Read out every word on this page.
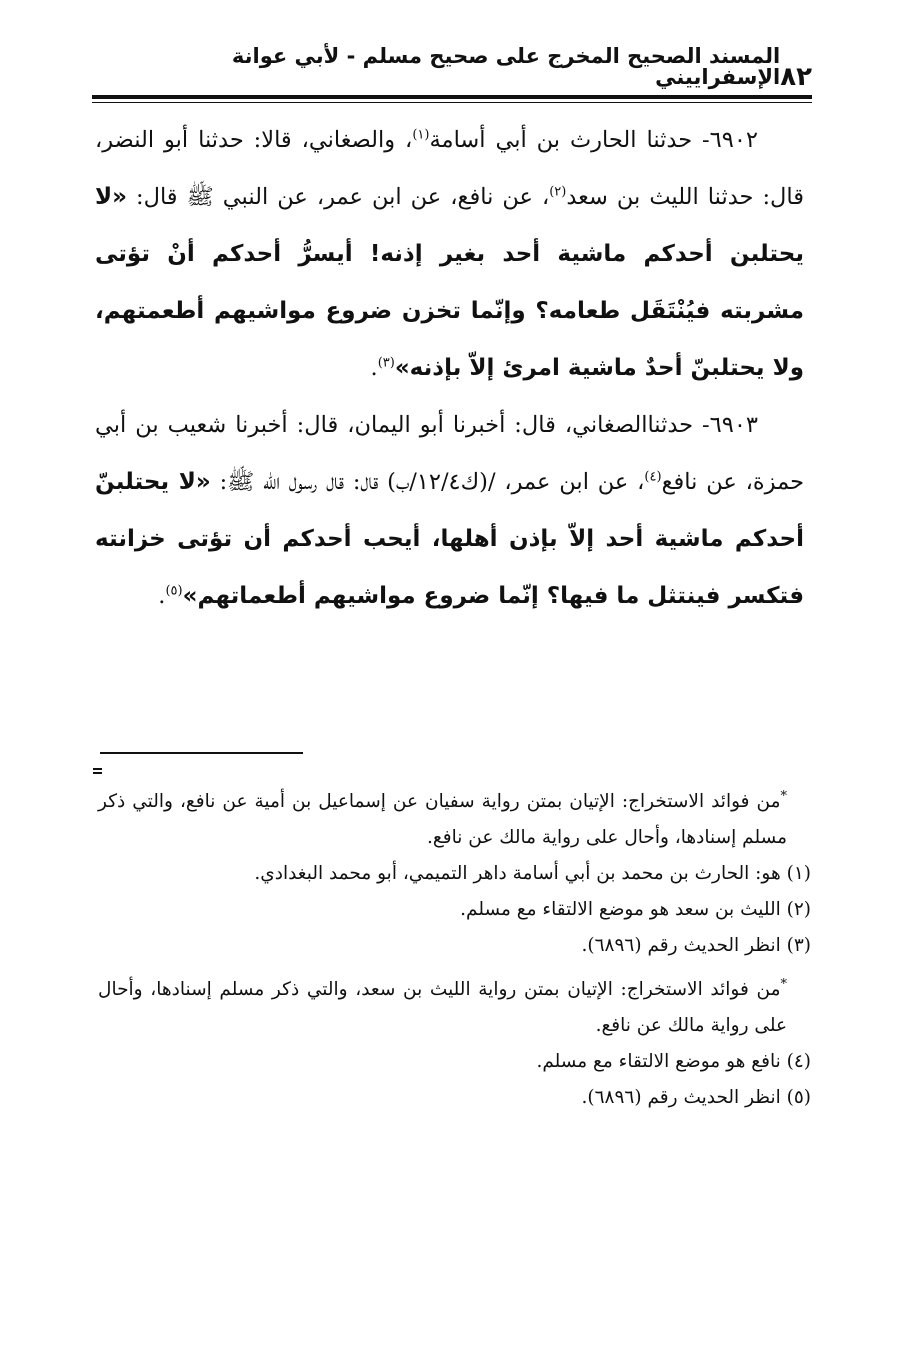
٨٢
المسند الصحيح المخرج على صحيح مسلم - لأبي عوانة الإسفراييني

٦٩٠٢- حدثنا الحارث بن أبي أسامة$^{(١)}$، والصغاني، قالا: حدثنا أبو النضر، قال: حدثنا الليث بن سعد$^{(٢)}$، عن نافع، عن ابن عمر، عن النبي ﷺ قال: «لا يحتلبن أحدكم ماشية أحد بغير إذنه! أيسرُّ أحدكم أنْ تؤتى مشربته فيُنْتَقَل طعامه؟ وإنّما تخزن ضروع مواشيهم أطعمتهم، ولا يحتلبنّ أحدٌ ماشية امرئ إلاّ بإذنه»$^{(٣)}$.

٦٩٠٣- حدثناالصغاني، قال: أخبرنا أبو اليمان، قال: أخبرنا شعيب بن أبي حمزة، عن نافع$^{(٤)}$، عن ابن عمر، /(ك١٢/٤/ب) قال: قال رسول الله ﷺ: «لا يحتلبنّ أحدكم ماشية أحد إلاّ بإذن أهلها، أيحب أحدكم أن تؤتى خزانته فتكسر فينتثل ما فيها؟ إنّما ضروع مواشيهم أطعماتهم»$^{(٥)}$.

*من فوائد الاستخراج: الإتيان بمتن رواية سفيان عن إسماعيل بن أمية عن نافع، والتي ذكر مسلم إسنادها، وأحال على رواية مالك عن نافع.

(١) هو: الحارث بن محمد بن أبي أسامة داهر التميمي، أبو محمد البغدادي.

(٢) الليث بن سعد هو موضع الالتقاء مع مسلم.

(٣) انظر الحديث رقم (٦٨٩٦).

*من فوائد الاستخراج: الإتيان بمتن رواية الليث بن سعد، والتي ذكر مسلم إسنادها، وأحال على رواية مالك عن نافع.

(٤) نافع هو موضع الالتقاء مع مسلم.

(٥) انظر الحديث رقم (٦٨٩٦).
